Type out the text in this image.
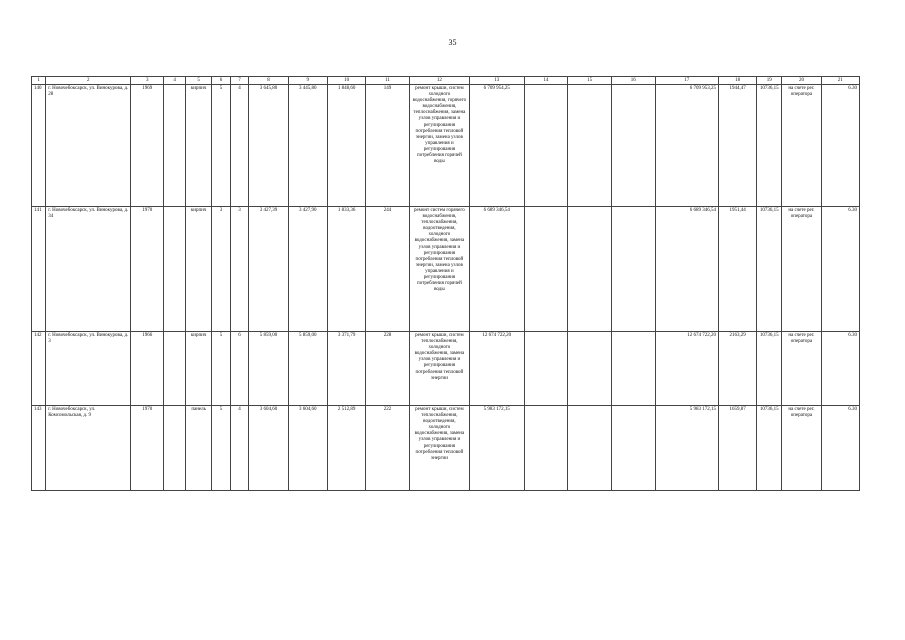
35
1	2	3	4	5	6	7	8	9	10	11	12	13	14	15	16	17	18	19	20	21
140	г. Новочебоксарск, ул. Винокурова, д. 28	1969		кирпич	5	4	3 645,80	3 445,80	1 848,60	149	ремонт крыши, систем холодного водоснабжения, горячего водоснабжения, теплоснабжения, замена узлов управления и регулирования потребления тепловой энергии, замена узлов управления и регулирования потребления горячей воды	6 709 954,25				6 709 953,25	1944,47	10736,15	на счете рег. оператора	6.30
141	г. Новочебоксарск, ул. Винокурова, д. 34	1970		кирпич	3	3	3 427,39	3 427,90	1 833,36	244	ремонт систем горячего водоснабжения, теплоснабжения, водоотведения, холодного водоснабжения, замена узлов управления и регулирования потребления тепловой энергии, замена узлов управления и регулирования потребления горячей воды	6 689 346,54				6 689 346,54	1951,44	10736,15	на счете рег. оператора	6.30
142	г. Новочебоксарск, ул. Винокурова, д. 3	1966		кирпич	5	6	5 859,00	5 859,00	3 371,79	228	ремонт крыши, систем теплоснабжения, холодного водоснабжения, замена узлов управления и регулирования потребления тепловой энергии	12 674 722,20				12 674 722,20	2163,29	10736,15	на счете рег. оператора	6.30
143	г. Новочебоксарск, ул. Комсомольская, д. 9	1970		панель	5	4	3 604,60	3 604,60	2 512,89	222	ремонт крыши, систем теплоснабжения, водоотведения, холодного водоснабжения, замена узлов управления и регулирования потребления тепловой энергии	5 983 172,15				5 983 172,15	1659,87	10736,15	на счете рег. оператора	6.30
